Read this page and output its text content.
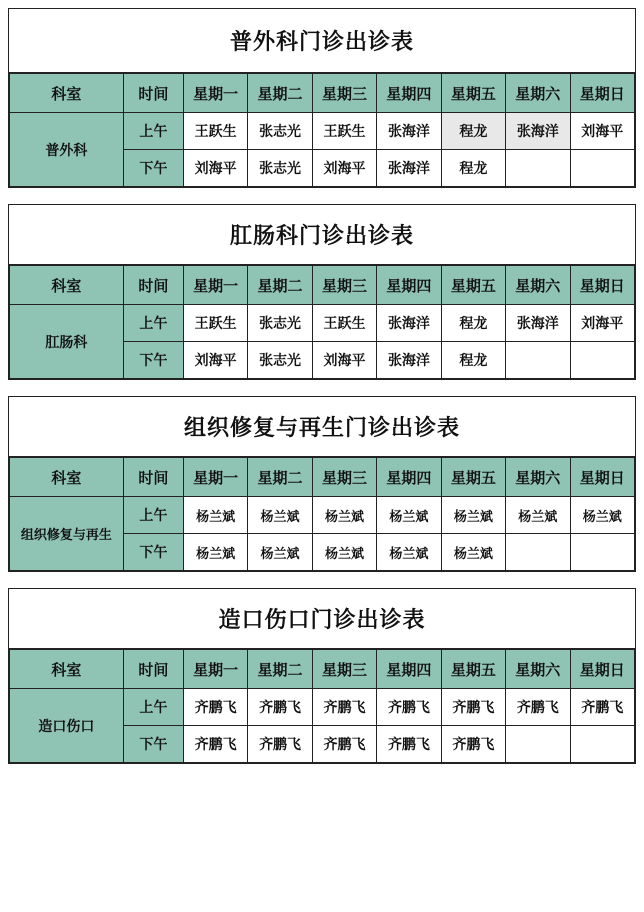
普外科门诊出诊表
科室	时间	星期一	星期二	星期三	星期四	星期五	星期六	星期日
普外科	上午	王跃生	张志光	王跃生	张海洋	程龙	张海洋	刘海平
	下午	刘海平	张志光	刘海平	张海洋	程龙		
肛肠科门诊出诊表
科室	时间	星期一	星期二	星期三	星期四	星期五	星期六	星期日
肛肠科	上午	王跃生	张志光	王跃生	张海洋	程龙	张海洋	刘海平
	下午	刘海平	张志光	刘海平	张海洋	程龙		
组织修复与再生门诊出诊表
科室	时间	星期一	星期二	星期三	星期四	星期五	星期六	星期日
组织修复与再生	上午	杨兰斌	杨兰斌	杨兰斌	杨兰斌	杨兰斌	杨兰斌	杨兰斌
	下午	杨兰斌	杨兰斌	杨兰斌	杨兰斌	杨兰斌		
造口伤口门诊出诊表
科室	时间	星期一	星期二	星期三	星期四	星期五	星期六	星期日
造口伤口	上午	齐鹏飞	齐鹏飞	齐鹏飞	齐鹏飞	齐鹏飞	齐鹏飞	齐鹏飞
	下午	齐鹏飞	齐鹏飞	齐鹏飞	齐鹏飞	齐鹏飞		
